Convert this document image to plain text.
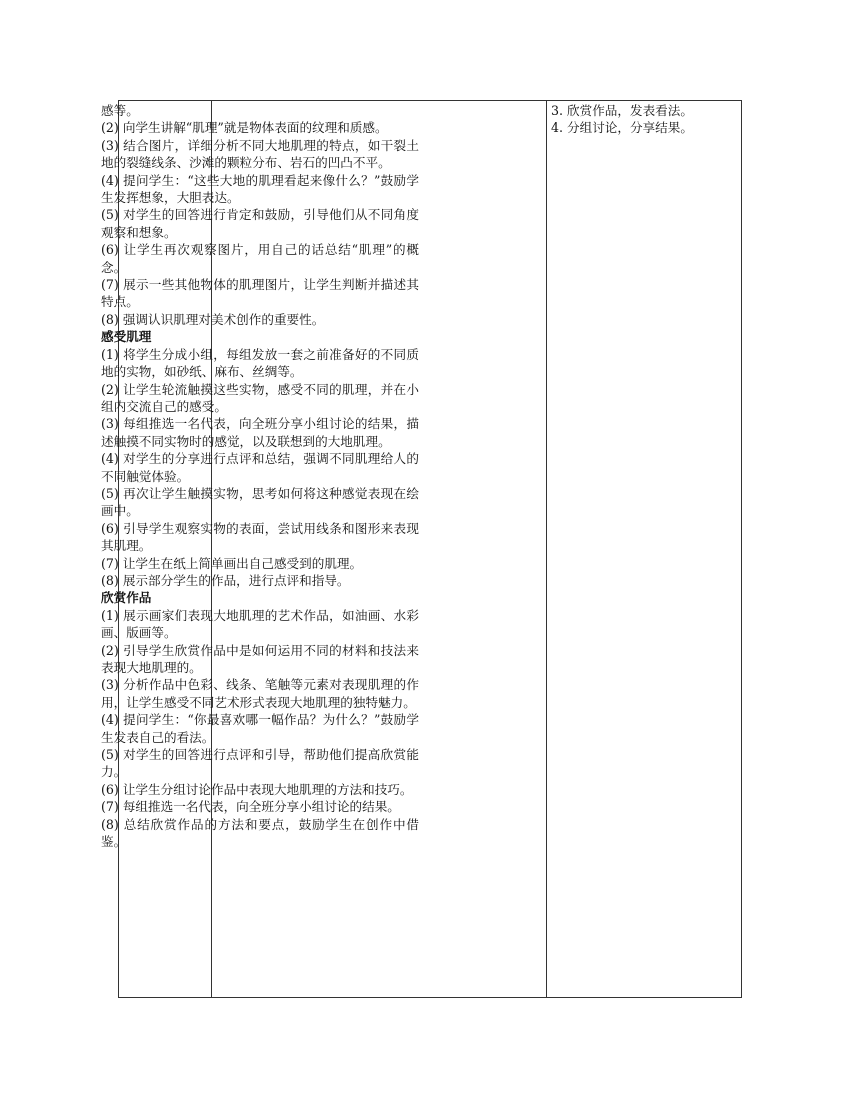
感等。

(2) 向学生讲解“肌理”就是物体表面的纹理和质感。

(3) 结合图片，详细分析不同大地肌理的特点，如干裂土地的裂缝线条、沙滩的颗粒分布、岩石的凹凸不平。

(4) 提问学生：“这些大地的肌理看起来像什么？”鼓励学生发挥想象，大胆表达。

(5) 对学生的回答进行肯定和鼓励，引导他们从不同角度观察和想象。

(6) 让学生再次观察图片，用自己的话总结“肌理”的概念。

(7) 展示一些其他物体的肌理图片，让学生判断并描述其特点。

(8) 强调认识肌理对美术创作的重要性。

感受肌理

(1) 将学生分成小组，每组发放一套之前准备好的不同质地的实物，如砂纸、麻布、丝绸等。

(2) 让学生轮流触摸这些实物，感受不同的肌理，并在小组内交流自己的感受。

(3) 每组推选一名代表，向全班分享小组讨论的结果，描述触摸不同实物时的感觉，以及联想到的大地肌理。

(4) 对学生的分享进行点评和总结，强调不同肌理给人的不同触觉体验。

(5) 再次让学生触摸实物，思考如何将这种感觉表现在绘画中。

(6) 引导学生观察实物的表面，尝试用线条和图形来表现其肌理。

(7) 让学生在纸上简单画出自己感受到的肌理。

(8) 展示部分学生的作品，进行点评和指导。

欣赏作品

(1) 展示画家们表现大地肌理的艺术作品，如油画、水彩画、版画等。

(2) 引导学生欣赏作品中是如何运用不同的材料和技法来表现大地肌理的。

(3) 分析作品中色彩、线条、笔触等元素对表现肌理的作用，让学生感受不同艺术形式表现大地肌理的独特魅力。

(4) 提问学生：“你最喜欢哪一幅作品？为什么？”鼓励学生发表自己的看法。

(5) 对学生的回答进行点评和引导，帮助他们提高欣赏能力。

(6) 让学生分组讨论作品中表现大地肌理的方法和技巧。

(7) 每组推选一名代表，向全班分享小组讨论的结果。

(8) 总结欣赏作品的方法和要点，鼓励学生在创作中借鉴。

3. 欣赏作品，发表看法。

4. 分组讨论，分享结果。
